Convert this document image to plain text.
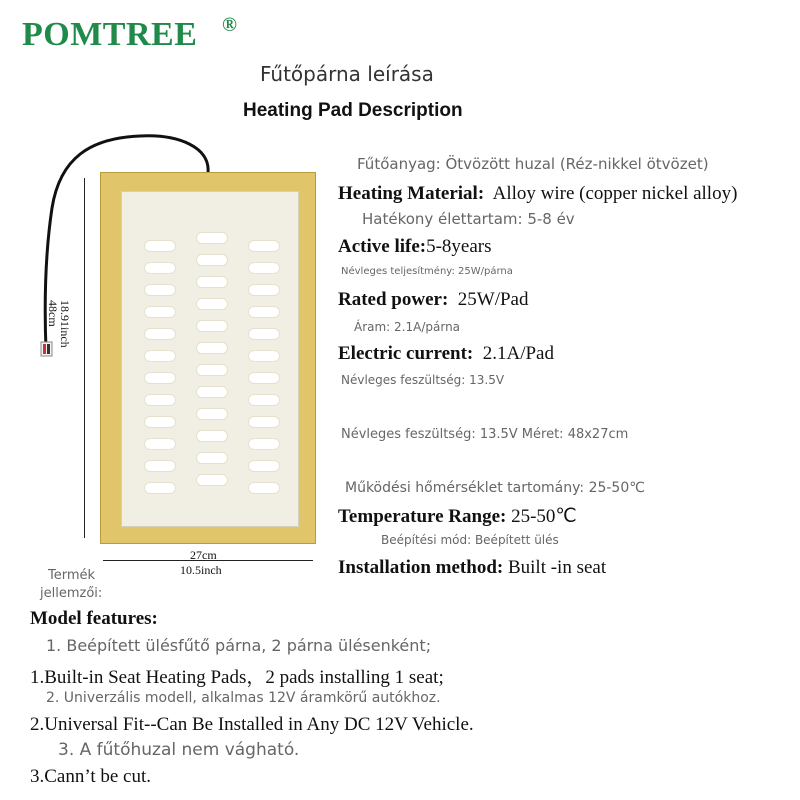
POMTREE ®
Fűtőpárna leírása
Heating Pad Description
48cm
18.91inch
27cm
10.5inch
Fűtőanyag: Ötvözött huzal (Réz-nikkel ötvözet)
Heating Material: Alloy wire (copper nickel alloy)
Hatékony élettartam: 5-8 év
Active life:5-8years
Névleges teljesítmény: 25W/párna
Rated power: 25W/Pad
Áram: 2.1A/párna
Electric current: 2.1A/Pad
Névleges feszültség: 13.5V
Névleges feszültség: 13.5V Méret: 48x27cm
Működési hőmérséklet tartomány: 25-50℃
Temperature Range: 25-50℃
Beépítési mód: Beépített ülés
Installation method: Built -in seat
Termék
jellemzői:
Model features:
1. Beépített ülésfűtő párna, 2 párna ülésenként;
1.Built-in Seat Heating Pads，2 pads installing 1 seat;
2. Univerzális modell, alkalmas 12V áramkörű autókhoz.
2.Universal Fit--Can Be Installed in Any DC 12V Vehicle.
3. A fűtőhuzal nem vágható.
3.Cann’t be cut.
